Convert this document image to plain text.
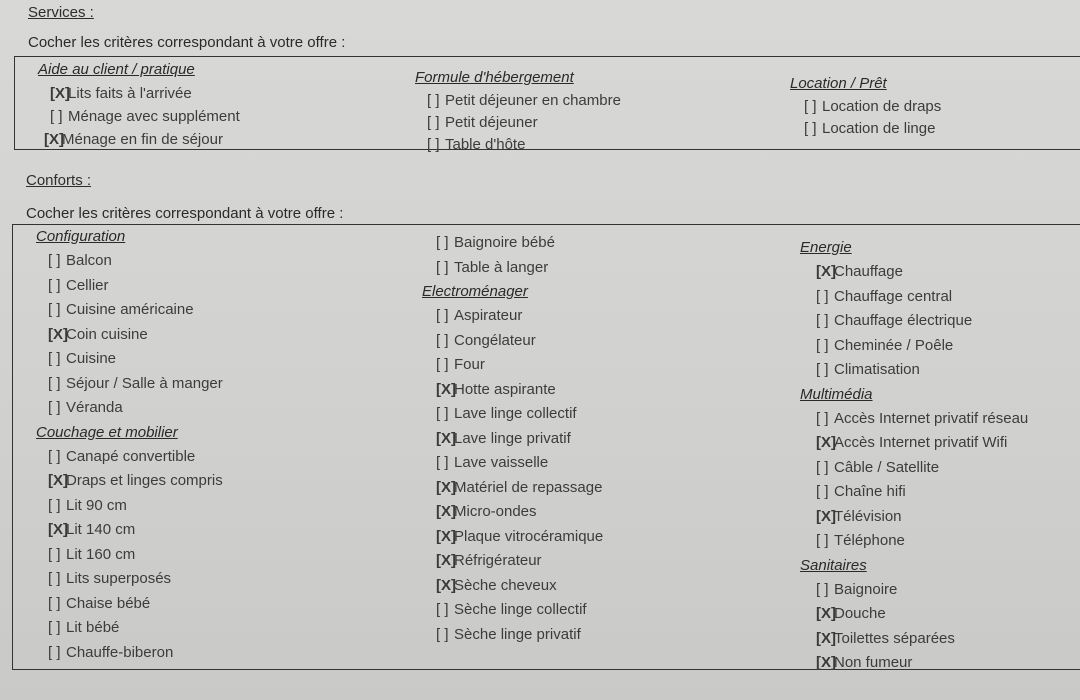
Services :
Cocher les critères correspondant à votre offre :
Aide au client / pratique
[X]Lits faits à l'arrivée
[ ] Ménage avec supplément
[X]Ménage en fin de séjour
Formule d'hébergement
[ ] Petit déjeuner en chambre
[ ] Petit déjeuner
[ ] Table d'hôte
Location / Prêt
[ ] Location de draps
[ ] Location de linge
Conforts :
Cocher les critères correspondant à votre offre :
Configuration
[ ] Balcon
[ ] Cellier
[ ] Cuisine américaine
[X]Coin cuisine
[ ] Cuisine
[ ] Séjour / Salle à manger
[ ] Véranda
Couchage et mobilier
[ ] Canapé convertible
[X]Draps et linges compris
[ ] Lit 90 cm
[X]Lit 140 cm
[ ] Lit 160 cm
[ ] Lits superposés
[ ] Chaise bébé
[ ] Lit bébé
[ ] Chauffe-biberon
[ ] Baignoire bébé
[ ] Table à langer
Electroménager
[ ] Aspirateur
[ ] Congélateur
[ ] Four
[X]Hotte aspirante
[ ] Lave linge collectif
[X]Lave linge privatif
[ ] Lave vaisselle
[X]Matériel de repassage
[X]Micro-ondes
[X]Plaque vitrocéramique
[X]Réfrigérateur
[X]Sèche cheveux
[ ] Sèche linge collectif
[ ] Sèche linge privatif
Energie
[X]Chauffage
[ ] Chauffage central
[ ] Chauffage électrique
[ ] Cheminée / Poêle
[ ] Climatisation
Multimédia
[ ] Accès Internet privatif réseau
[X]Accès Internet privatif Wifi
[ ] Câble / Satellite
[ ] Chaîne hifi
[X]Télévision
[ ] Téléphone
Sanitaires
[ ] Baignoire
[X]Douche
[X]Toilettes séparées
[X]Non fumeur
